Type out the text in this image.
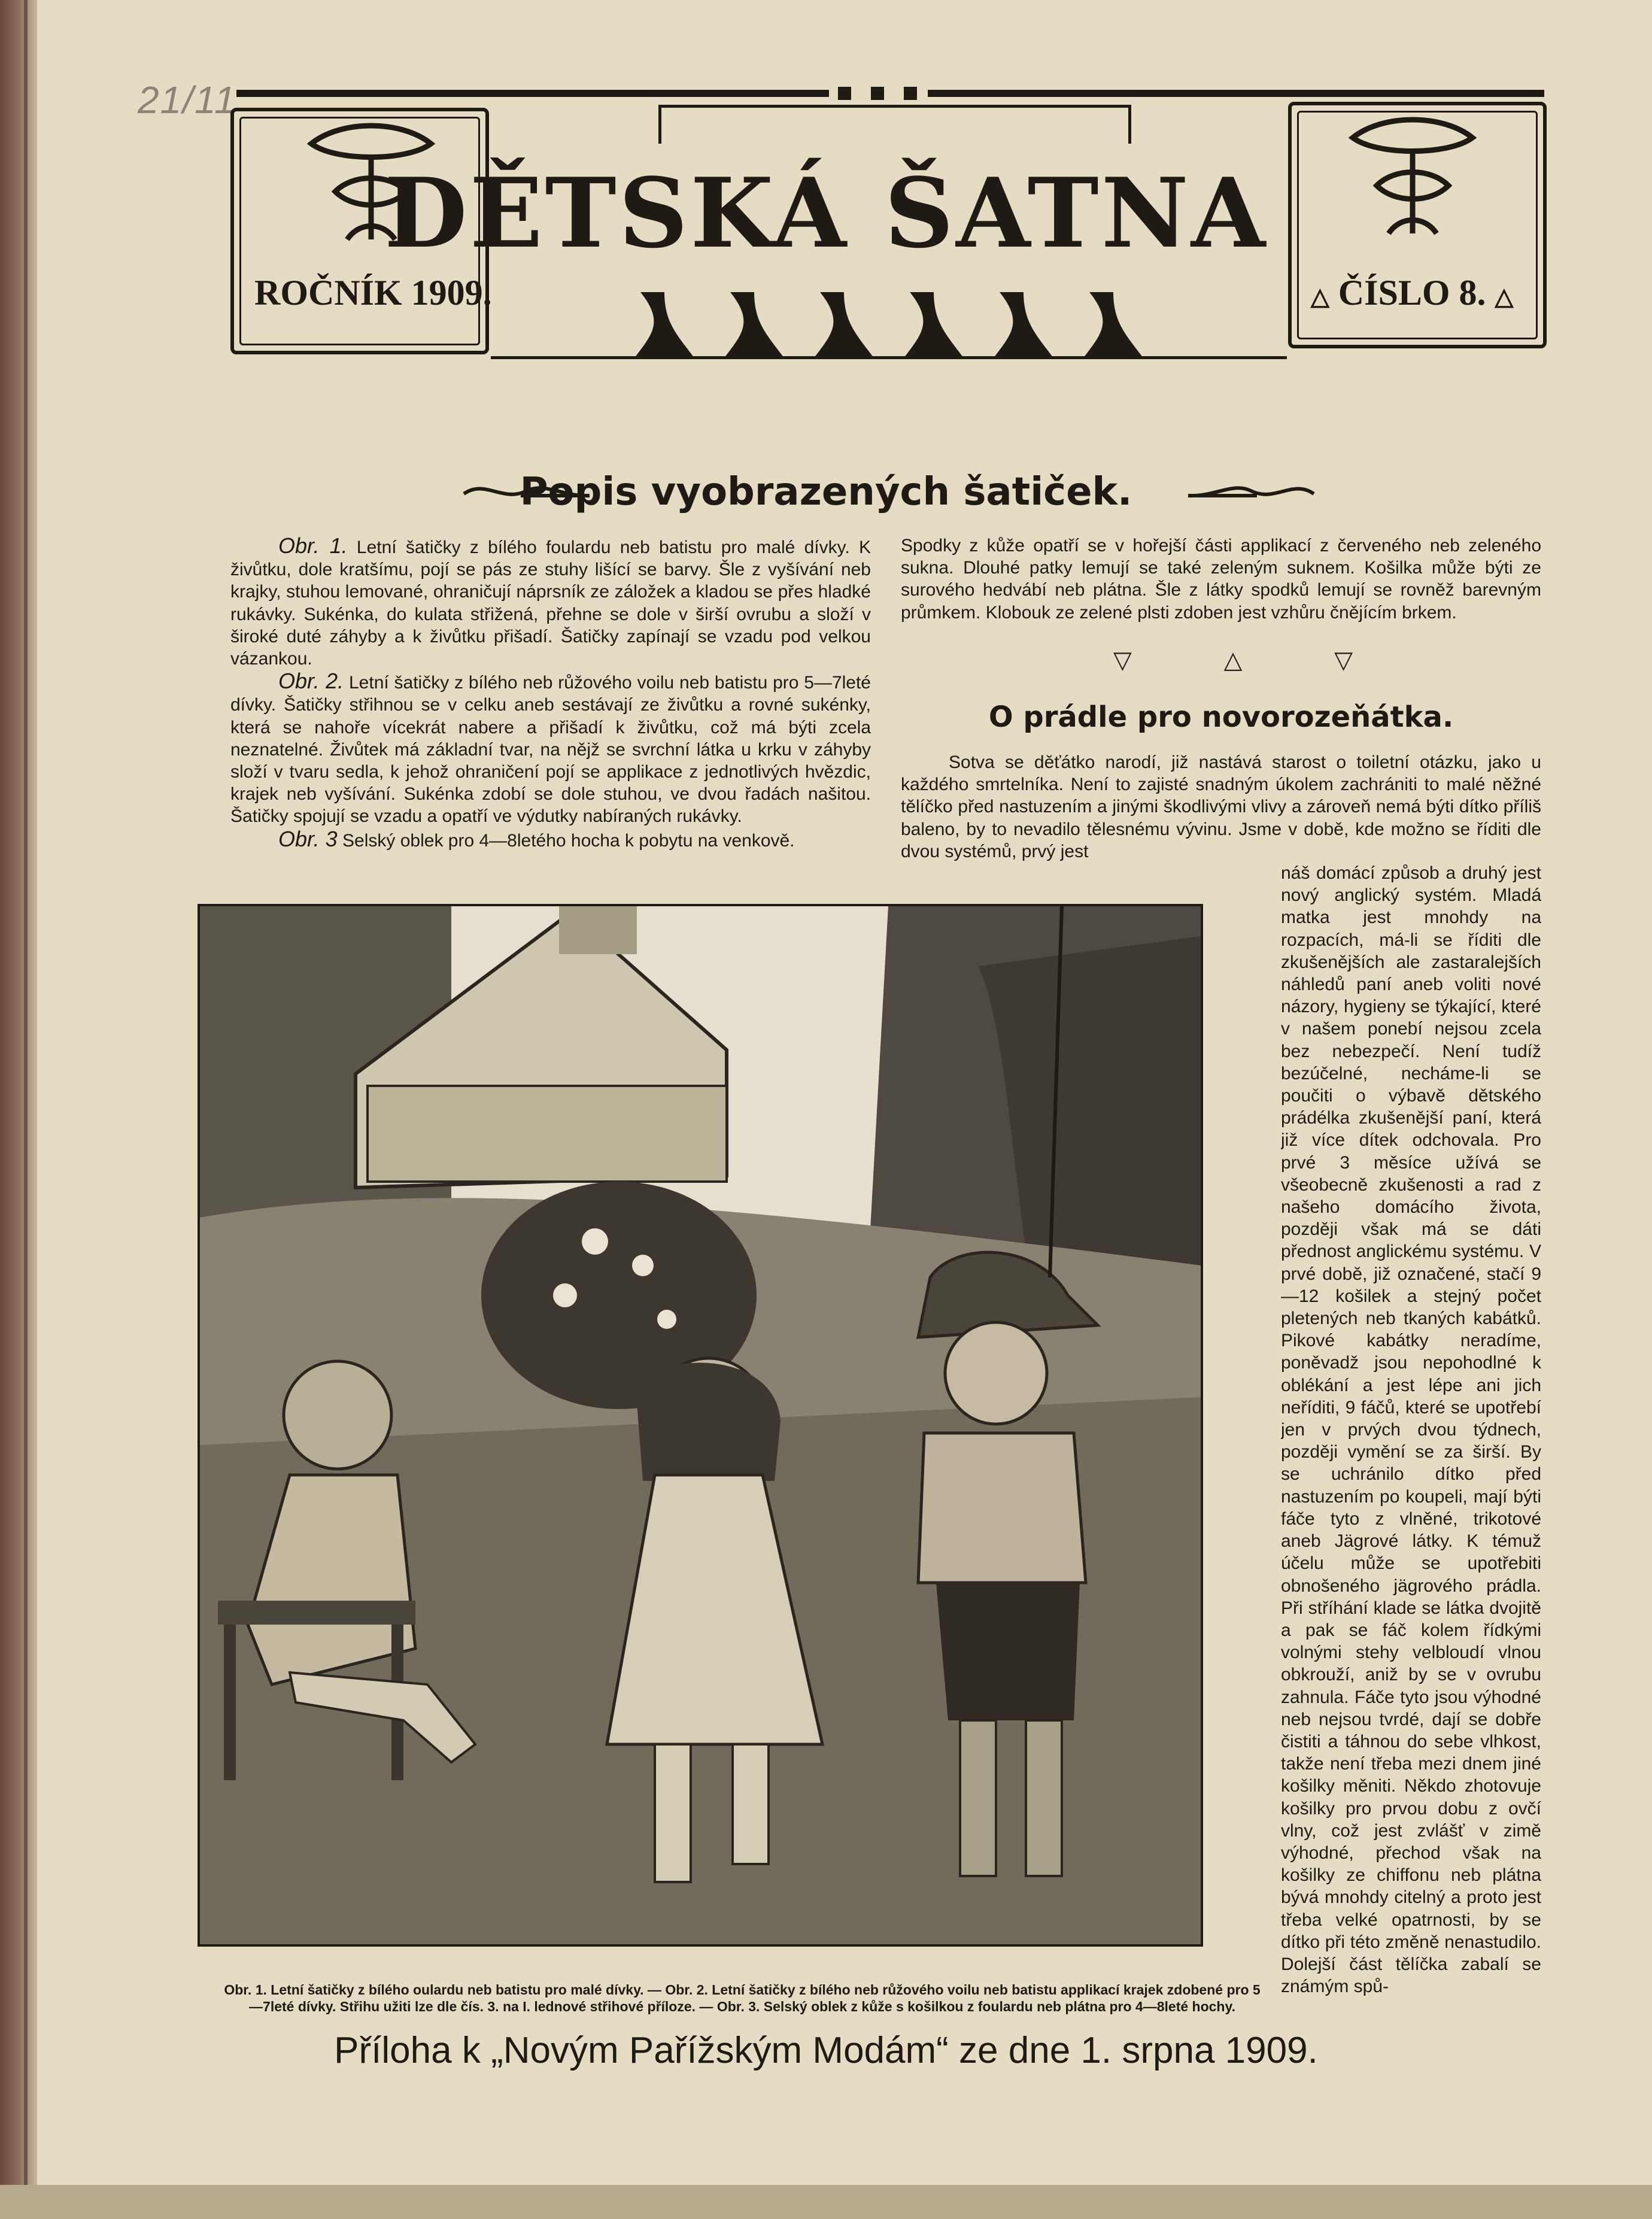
21/11
ROČNÍK 1909.	△ ČÍSLO 8. △
DĚTSKÁ ŠATNA
Popis vyobrazených šatiček.

Obr. 1. Letní šatičky z bílého foulardu neb batistu pro malé dívky. K živůtku, dole kratšímu, pojí se pás ze stuhy lišící se barvy. Šle z vyšívání neb krajky, stuhou lemované, ohraničují náprsník ze záložek a kladou se přes hladké rukávky. Sukénka, do kulata střižená, přehne se dole v širší ovrubu a složí v široké duté záhyby a k živůtku přišadí. Šatičky zapínají se vzadu pod velkou vázankou.

Obr. 2. Letní šatičky z bílého neb růžového voilu neb batistu pro 5—7leté dívky. Šatičky střihnou se v celku aneb sestávají ze živůtku a rovné sukénky, která se nahoře vícekrát nabere a přišadí k živůtku, což má býti zcela neznatelné. Živůtek má základní tvar, na nějž se svrchní látka u krku v záhyby složí v tvaru sedla, k jehož ohraničení pojí se applikace z jednotlivých hvězdic, krajek neb vyšívání. Sukénka zdobí se dole stuhou, ve dvou řadách našitou. Šatičky spojují se vzadu a opatří ve výdutky nabíraných rukávky.

Obr. 3 Selský oblek pro 4—8letého hocha k pobytu na venkově.

Spodky z kůže opatří se v hořejší části applikací z červeného neb zeleného sukna. Dlouhé patky lemují se také zeleným suknem. Košilka může býti ze surového hedvábí neb plátna. Šle z látky spodků lemují se rovněž barevným průmkem. Klobouk ze zelené plsti zdoben jest vzhůru čnějícím brkem.

▽	△	▽
O prádle pro novorozeňátka.

Sotva se děťátko narodí, již nastává starost o toiletní otázku, jako u každého smrtelníka. Není to zajisté snadným úkolem zachrániti to malé něžné tělíčko před nastuzením a jinými škodlivými vlivy a zároveň nemá býti dítko příliš baleno, by to nevadilo tělesnému vývinu. Jsme v době, kde možno se říditi dle dvou systémů, prvý jest

náš domácí způsob a druhý jest nový anglický systém. Mladá matka jest mnohdy na rozpacích, má-li se říditi dle zkušenějších ale zastaralejších náhledů paní aneb voliti nové názory, hygieny se týkající, které v našem ponebí nejsou zcela bez nebezpečí. Není tudíž bezúčelné, necháme-li se poučiti o výbavě dětského prádélka zkušenější paní, která již více dítek odchovala. Pro prvé 3 měsíce užívá se všeobecně zkušenosti a rad z našeho domácího života, později však má se dáti přednost anglickému systému. V prvé době, již označené, stačí 9—12 košilek a stejný počet pletených neb tkaných kabátků. Pikové kabátky neradíme, poněvadž jsou nepohodlné k oblékání a jest lépe ani jich neříditi, 9 fáčů, které se upotřebí jen v prvých dvou týdnech, později vymění se za širší. By se uchránilo dítko před nastuzením po koupeli, mají býti fáče tyto z vlněné, trikotové aneb Jägrové látky. K témuž účelu může se upotřebiti obnošeného jägrového prádla. Při stříhání klade se látka dvojitě a pak se fáč kolem řídkými volnými stehy velbloudí vlnou obkrouží, aniž by se v ovrubu zahnula. Fáče tyto jsou výhodné neb nejsou tvrdé, dají se dobře čistiti a táhnou do sebe vlhkost, takže není třeba mezi dnem jiné košilky měniti. Někdo zhotovuje košilky pro prvou dobu z ovčí vlny, což jest zvlášť v zimě výhodné, přechod však na košilky ze chiffonu neb plátna bývá mnohdy citelný a proto jest třeba velké opatrnosti, by se dítko při této změně nenastudilo. Dolejší část tělíčka zabalí se známým spů-

Obr. 1. Letní šatičky z bílého oulardu neb batistu pro malé dívky. — Obr. 2. Letní šatičky z bílého neb růžového voilu neb batistu applikací krajek zdobené pro 5—7leté dívky. Střihu užiti lze dle čís. 3. na I. lednové střihové příloze. — Obr. 3. Selský oblek z kůže s košilkou z foulardu neb plátna pro 4—8leté hochy.
Příloha k „Novým Pařížským Modám“ ze dne 1. srpna 1909.
